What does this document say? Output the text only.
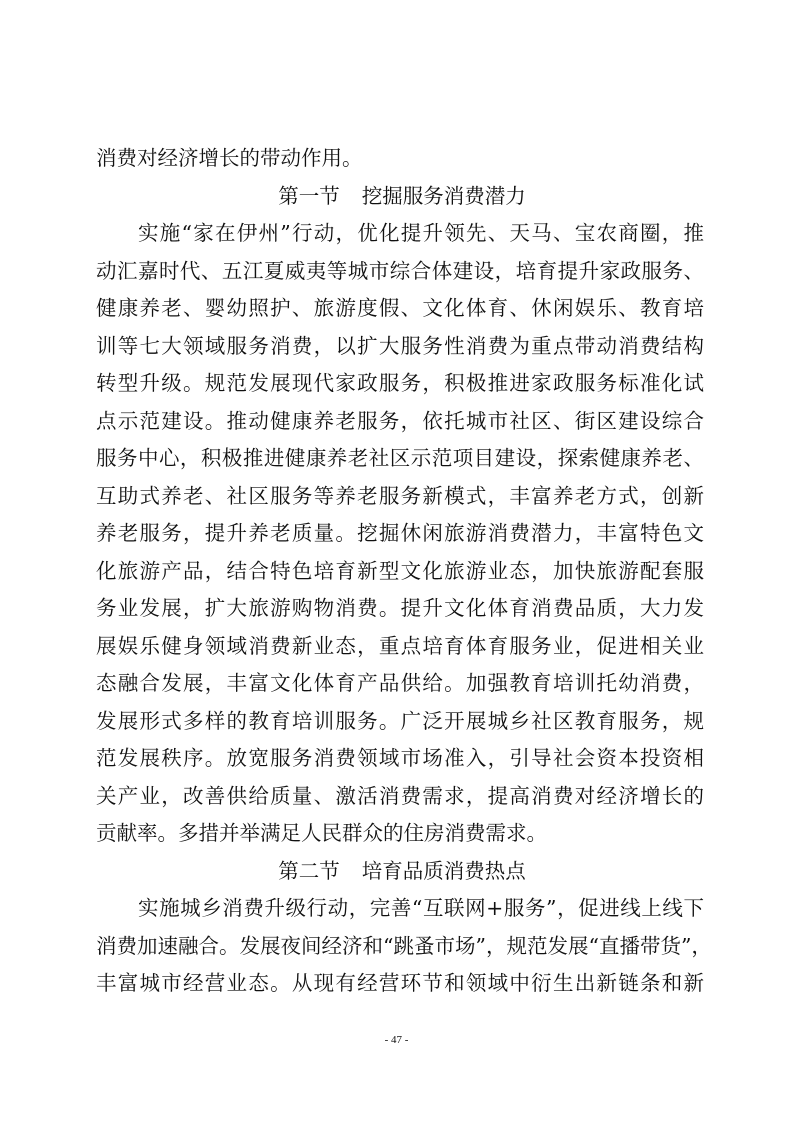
消费对经济增长的带动作用。
第一节 挖掘服务消费潜力
实施“家在伊州”行动，优化提升领先、天马、宝农商圈，推
动汇嘉时代、五江夏威夷等城市综合体建设，培育提升家政服务、
健康养老、婴幼照护、旅游度假、文化体育、休闲娱乐、教育培
训等七大领域服务消费，以扩大服务性消费为重点带动消费结构
转型升级。规范发展现代家政服务，积极推进家政服务标准化试
点示范建设。推动健康养老服务，依托城市社区、街区建设综合
服务中心，积极推进健康养老社区示范项目建设，探索健康养老、
互助式养老、社区服务等养老服务新模式，丰富养老方式，创新
养老服务，提升养老质量。挖掘休闲旅游消费潜力，丰富特色文
化旅游产品，结合特色培育新型文化旅游业态，加快旅游配套服
务业发展，扩大旅游购物消费。提升文化体育消费品质，大力发
展娱乐健身领域消费新业态，重点培育体育服务业，促进相关业
态融合发展，丰富文化体育产品供给。加强教育培训托幼消费，
发展形式多样的教育培训服务。广泛开展城乡社区教育服务，规
范发展秩序。放宽服务消费领域市场准入，引导社会资本投资相
关产业，改善供给质量、激活消费需求，提高消费对经济增长的
贡献率。多措并举满足人民群众的住房消费需求。
第二节 培育品质消费热点
实施城乡消费升级行动，完善“互联网+服务”，促进线上线下
消费加速融合。发展夜间经济和“跳蚤市场”，规范发展“直播带货”，
丰富城市经营业态。从现有经营环节和领域中衍生出新链条和新
- 47 -
